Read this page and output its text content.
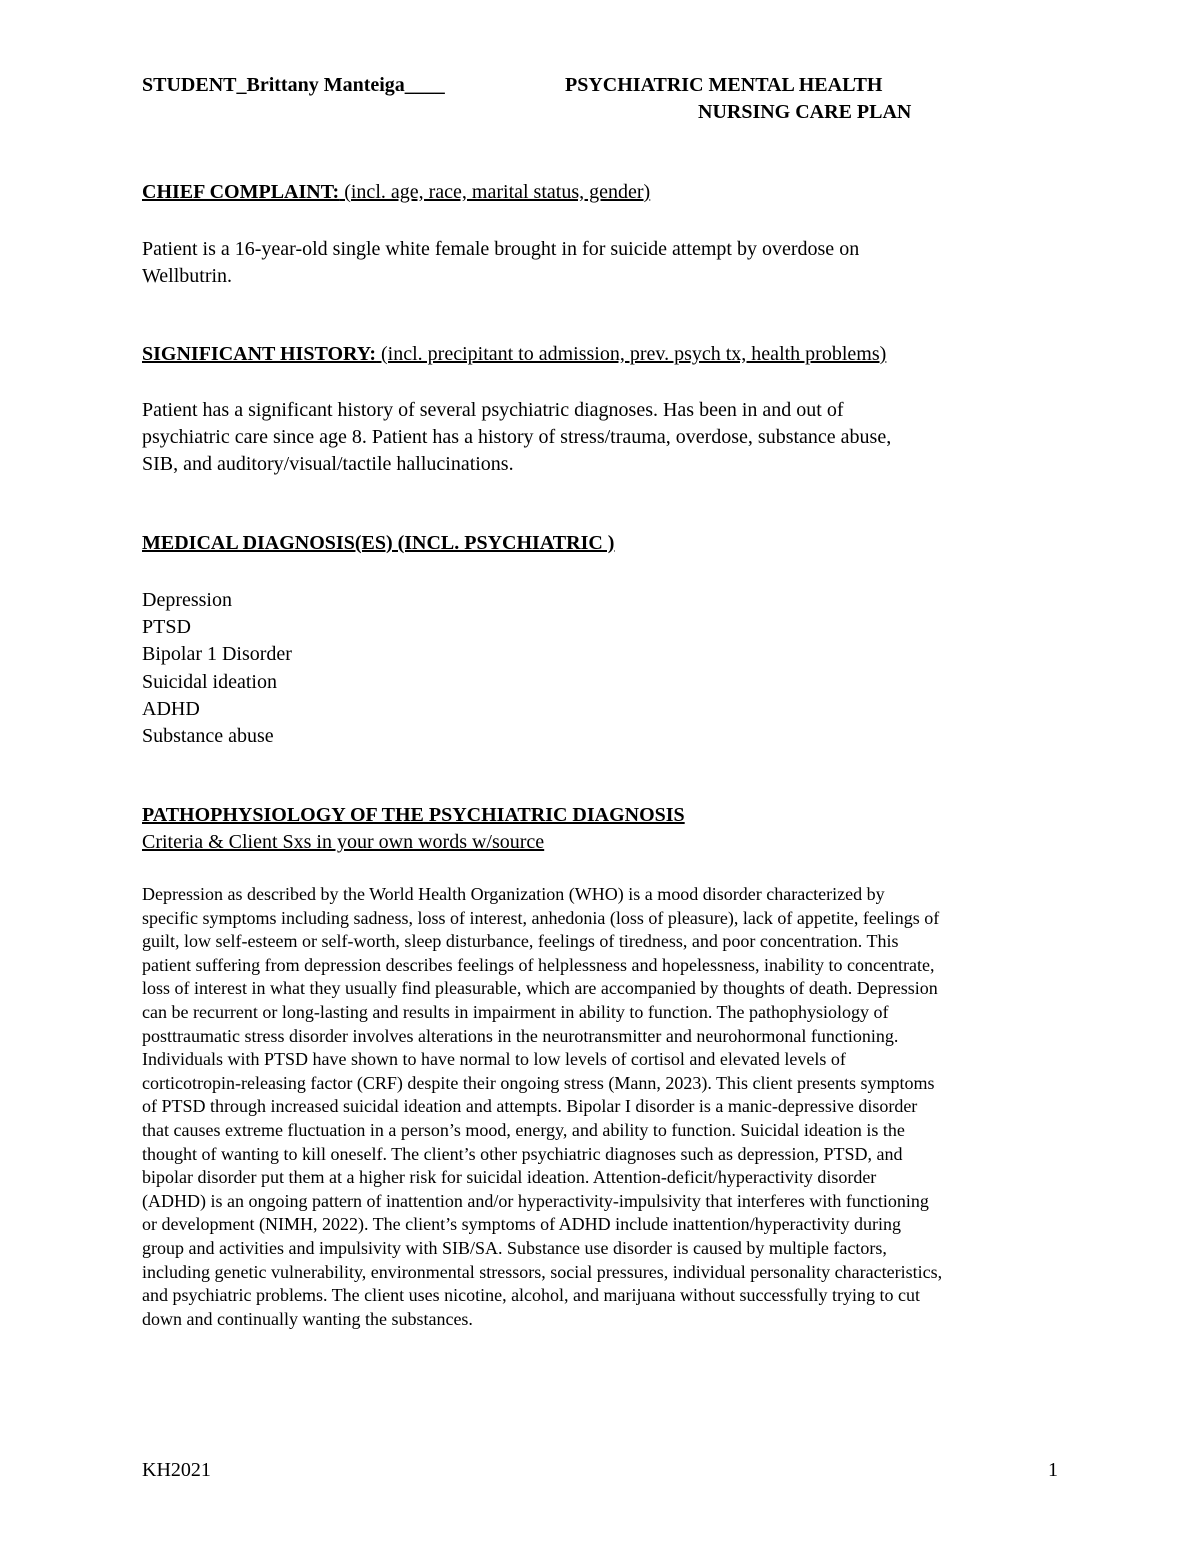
STUDENT_Brittany Manteiga____	PSYCHIATRIC MENTAL HEALTH
NURSING CARE PLAN
CHIEF COMPLAINT: (incl. age, race, marital status, gender)
Patient is a 16-year-old single white female brought in for suicide attempt by overdose on
Wellbutrin.
SIGNIFICANT HISTORY: (incl. precipitant to admission, prev. psych tx, health problems)
Patient has a significant history of several psychiatric diagnoses. Has been in and out of
psychiatric care since age 8. Patient has a history of stress/trauma, overdose, substance abuse,
SIB, and auditory/visual/tactile hallucinations.
MEDICAL DIAGNOSIS(ES) (INCL. PSYCHIATRIC )
Depression
PTSD
Bipolar 1 Disorder
Suicidal ideation
ADHD
Substance abuse
PATHOPHYSIOLOGY OF THE PSYCHIATRIC DIAGNOSIS
Criteria & Client Sxs in your own words w/source
Depression as described by the World Health Organization (WHO) is a mood disorder characterized by
specific symptoms including sadness, loss of interest, anhedonia (loss of pleasure), lack of appetite, feelings of
guilt, low self-esteem or self-worth, sleep disturbance, feelings of tiredness, and poor concentration. This
patient suffering from depression describes feelings of helplessness and hopelessness, inability to concentrate,
loss of interest in what they usually find pleasurable, which are accompanied by thoughts of death. Depression
can be recurrent or long-lasting and results in impairment in ability to function. The pathophysiology of
posttraumatic stress disorder involves alterations in the neurotransmitter and neurohormonal functioning.
Individuals with PTSD have shown to have normal to low levels of cortisol and elevated levels of
corticotropin-releasing factor (CRF) despite their ongoing stress (Mann, 2023). This client presents symptoms
of PTSD through increased suicidal ideation and attempts. Bipolar I disorder is a manic-depressive disorder
that causes extreme fluctuation in a person’s mood, energy, and ability to function. Suicidal ideation is the
thought of wanting to kill oneself. The client’s other psychiatric diagnoses such as depression, PTSD, and
bipolar disorder put them at a higher risk for suicidal ideation. Attention-deficit/hyperactivity disorder
(ADHD) is an ongoing pattern of inattention and/or hyperactivity-impulsivity that interferes with functioning
or development (NIMH, 2022). The client’s symptoms of ADHD include inattention/hyperactivity during
group and activities and impulsivity with SIB/SA. Substance use disorder is caused by multiple factors,
including genetic vulnerability, environmental stressors, social pressures, individual personality characteristics,
and psychiatric problems. The client uses nicotine, alcohol, and marijuana without successfully trying to cut
down and continually wanting the substances.
KH2021	1
